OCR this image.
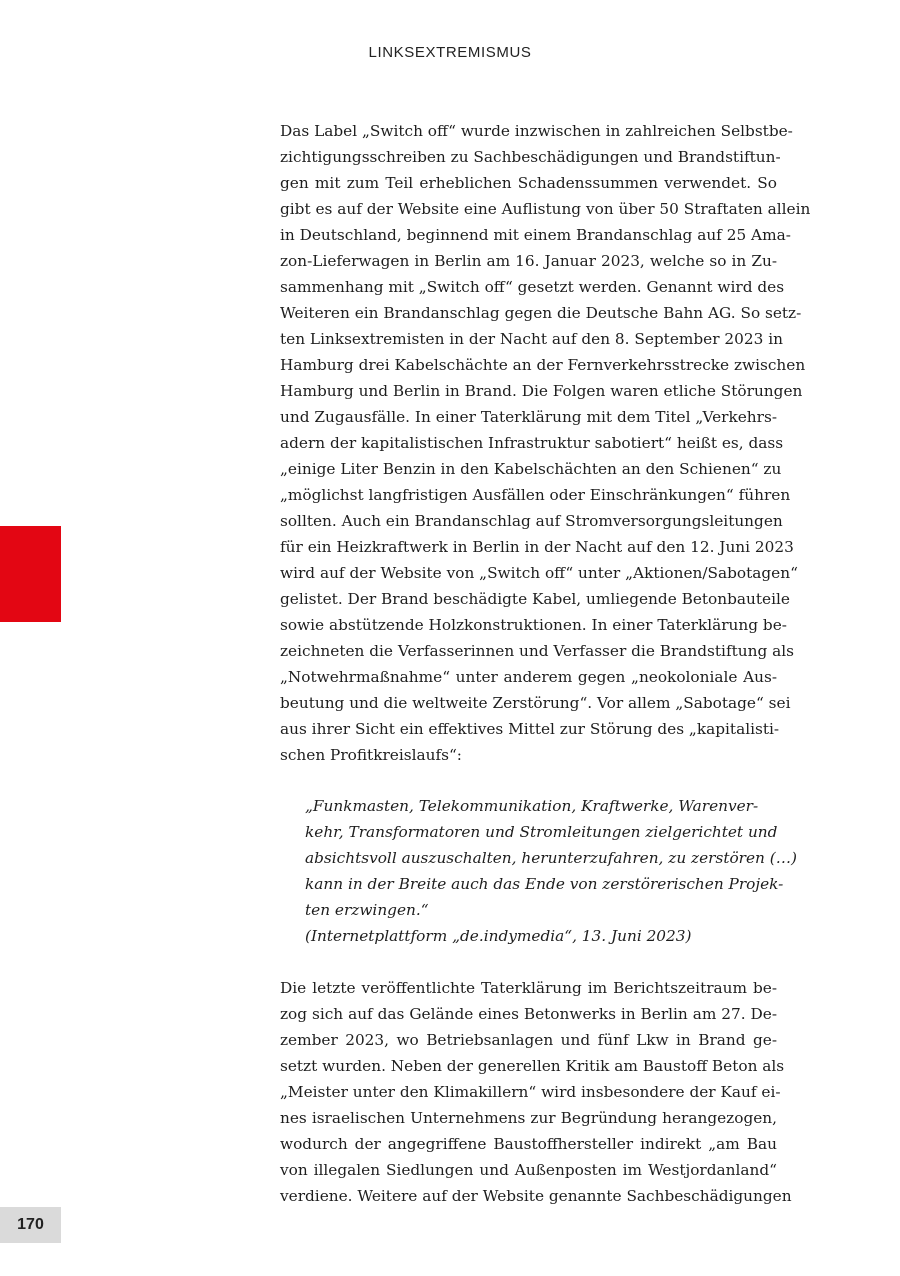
LINKSEXTREMISMUS
170
Das Label „Switch off“ wurde inzwischen in zahlreichen Selbstbe-
zichtigungsschreiben zu Sachbeschädigungen und Brandstiftun-
gen mit zum Teil erheblichen Schadenssummen verwendet. So
gibt es auf der Website eine Auflistung von über 50 Straftaten allein
in Deutschland, beginnend mit einem Brandanschlag auf 25 Ama-
zon-Lieferwagen in Berlin am 16. Januar 2023, welche so in Zu-
sammenhang mit „Switch off“ gesetzt werden. Genannt wird des
Weiteren ein Brandanschlag gegen die Deutsche Bahn AG. So setz-
ten Linksextremisten in der Nacht auf den 8. September 2023 in
Hamburg drei Kabelschächte an der Fernverkehrsstrecke zwischen
Hamburg und Berlin in Brand. Die Folgen waren etliche Störungen
und Zugausfälle. In einer Taterklärung mit dem Titel „Verkehrs-
adern der kapitalistischen Infrastruktur sabotiert“ heißt es, dass
„einige Liter Benzin in den Kabelschächten an den Schienen“ zu
„möglichst langfristigen Ausfällen oder Einschränkungen“ führen
sollten. Auch ein Brandanschlag auf Stromversorgungsleitungen
für ein Heizkraftwerk in Berlin in der Nacht auf den 12. Juni 2023
wird auf der Website von „Switch off“ unter „Aktionen/Sabotagen“
gelistet. Der Brand beschädigte Kabel, umliegende Betonbauteile
sowie abstützende Holzkonstruktionen. In einer Taterklärung be-
zeichneten die Verfasserinnen und Verfasser die Brandstiftung als
„Notwehrmaßnahme“ unter anderem gegen „neokoloniale Aus-
beutung und die weltweite Zerstörung“. Vor allem „Sabotage“ sei
aus ihrer Sicht ein effektives Mittel zur Störung des „kapitalisti-
schen Profitkreislaufs“:
„Funkmasten, Telekommunikation, Kraftwerke, Warenver-
kehr, Transformatoren und Stromleitungen zielgerichtet und
absichtsvoll auszuschalten, herunterzufahren, zu zerstören (…)
kann in der Breite auch das Ende von zerstörerischen Projek-
ten erzwingen.“
(Internetplattform „de.indymedia“, 13. Juni 2023)
Die letzte veröffentlichte Taterklärung im Berichtszeitraum be-
zog sich auf das Gelände eines Betonwerks in Berlin am 27. De-
zember 2023, wo Betriebsanlagen und fünf Lkw in Brand ge-
setzt wurden. Neben der generellen Kritik am Baustoff Beton als
„Meister unter den Klimakillern“ wird insbesondere der Kauf ei-
nes israelischen Unternehmens zur Begründung herangezogen,
wodurch der angegriffene Baustoffhersteller indirekt „am Bau
von illegalen Siedlungen und Außenposten im Westjordanland“
verdiene. Weitere auf der Website genannte Sachbeschädigungen
